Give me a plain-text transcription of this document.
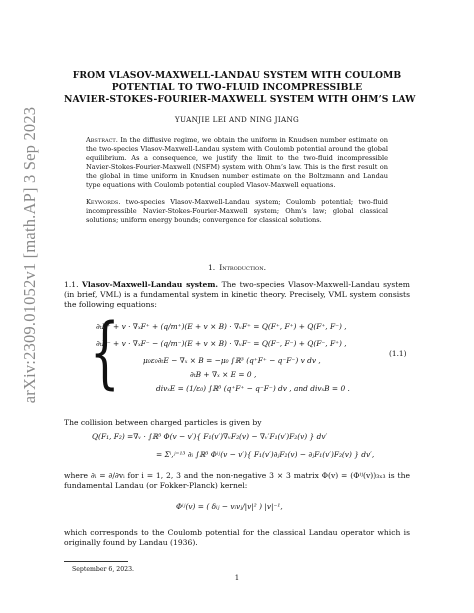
arXiv:2309.01052v1 [math.AP] 3 Sep 2023
FROM VLASOV-MAXWELL-LANDAU SYSTEM WITH COULOMB
POTENTIAL TO TWO-FLUID INCOMPRESSIBLE
NAVIER-STOKES-FOURIER-MAXWELL SYSTEM WITH OHM’S LAW
YUANJIE LEI AND NING JIANG
Abstract. In the diffusive regime, we obtain the uniform in Knudsen number estimate on the two-species Vlasov-Maxwell-Landau system with Coulomb potential around the global equilibrium. As a consequence, we justify the limit to the two-fluid incompressible Navier-Stokes-Fourier-Maxwell (NSFM) system with Ohm’s law. This is the first result on the global in time uniform in Knudsen number estimate on the Boltzmann and Landau type equations with Coulomb potential coupled Vlasov-Maxwell equations.
Keywords. two-species Vlasov-Maxwell-Landau system; Coulomb potential; two-fluid incompressible Navier-Stokes-Fourier-Maxwell system; Ohm’s law; global classical solutions; uniform energy bounds; convergence for classical solutions.
1. Introduction.
1.1. Vlasov-Maxwell-Landau system. The two-species Vlasov-Maxwell-Landau system (in brief, VML) is a fundamental system in kinetic theory. Precisely, VML system consists the following equations:
{
∂ₜF⁺ + v · ∇ₓF⁺ + (q/m⁺)(E + v × B) · ∇ᵥF⁺ = Q(F⁺, F⁺) + Q(F⁺, F⁻) ,
∂ₜF⁻ + v · ∇ₓF⁻ − (q/m⁻)(E + v × B) · ∇ᵥF⁻ = Q(F⁻, F⁻) + Q(F⁻, F⁺) ,
μ₀ε₀∂ₜE − ∇ₓ × B = −μ₀ ∫ℝ³ (q⁺F⁺ − q⁻F⁻) v dv ,
∂ₜB + ∇ₓ × E = 0 ,
divₓE = (1/ε₀) ∫ℝ³ (q⁺F⁺ − q⁻F⁻) dv , and divₓB = 0 .
(1.1)
The collision between charged particles is given by
Q(F₁, F₂) =∇ᵥ · ∫ℝ³ Φ(v − v′){ F₁(v′)∇ᵥF₂(v) − ∇ᵥ′F₁(v′)F₂(v) } dv′
= Σⁱ,ʲ⁼¹³ ∂ᵢ ∫ℝ³ Φⁱʲ(v − v′){ F₁(v′)∂ⱼF₂(v) − ∂ⱼF₁(v′)F₂(v) } dv′,
where ∂ᵢ = ∂/∂vᵢ for i = 1, 2, 3 and the non-negative 3 × 3 matrix Φ(v) = (Φⁱʲ(v))₃ₓ₃ is the fundamental Landau (or Fokker-Planck) kernel:
Φⁱʲ(v) = ( δᵢⱼ − vᵢvⱼ/|v|² ) |v|⁻¹,
which corresponds to the Coulomb potential for the classical Landau operator which is originally found by Landau (1936).
September 6, 2023.
1
